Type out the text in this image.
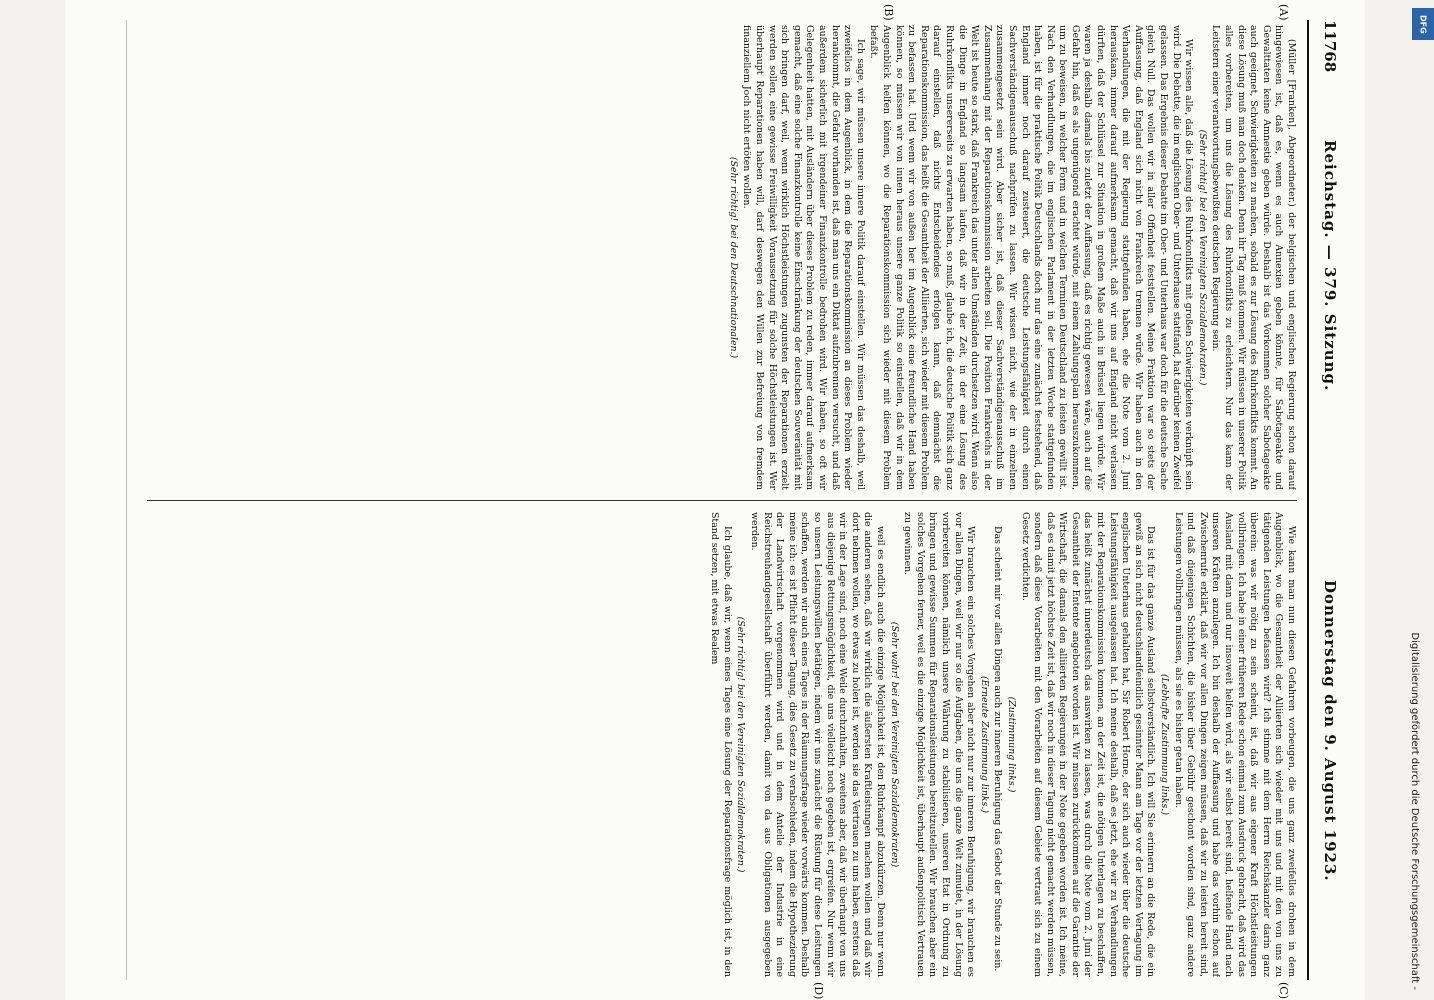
11768
Reichstag. — 379. Sitzung.
Donnerstag den 9. August 1923.
(A)
(B)
(C)
(D)

(Müller [Franken], Abgeordneter.) der belgischen und englischen Regierung schon darauf hingewiesen ist, daß es, wenn es auch Annexien geben könnte, für Sabotageakte und Gewalttaten keine Amnestie geben würde. Deshalb ist das Vorkommen solcher Sabotageakte auch geeignet, Schwierigkeiten zu machen, sobald es zur Lösung des Ruhrkonflikts kommt. An diese Lösung muß man doch denken. Denn ihr Tag muß kommen. Wir müssen in unserer Politik alles vorbereiten, um uns die Lösung des Ruhrkonflikts zu erleichtern. Nur das kann der Leitstern einer verantwortungsbewußten deutschen Regierung sein.

(Sehr richtig! bei den Vereinigten Sozialdemokraten.)

Wir wissen alle, daß die Lösung des Ruhrkonflikts mit großen Schwierigkeiten verknüpft sein wird. Die Debatte, die im englischen Ober- und Unterhause stattfand, hat darüber keinen Zweifel gelassen. Das Ergebnis dieser Debatte im Ober- und Unterhaus war doch für die deutsche Sache gleich Null. Das wollen wir in aller Offenheit feststellen. Meine Fraktion war so stets der Auffassung, daß England sich nicht von Frankreich trennen würde. Wir haben auch in den Verhandlungen, die mit der Regierung stattgefunden haben, ehe die Note vom 2. Juni herauskam, immer darauf aufmerksam gemacht, daß wir uns auf England nicht verlassen dürften, daß der Schlüssel zur Situation in großem Maße auch in Brüssel liegen würde. Wir waren ja deshalb damals bis zuletzt der Auffassung, daß es richtig gewesen wäre, auch auf die Gefahr hin, daß es als ungenügend erachtet würde, mit einem Zahlungsplan herauszukommen, um zu beweisen, in welcher Form und in welchen Terminen Deutschland zu leisten gewillt ist. Nach den Verhandlungen, die im englischen Parlament in der letzten Woche stattgefunden haben, ist für die praktische Politik Deutschlands doch nur das eine zunächst feststehend, daß England immer noch darauf zusteuert, die deutsche Leistungsfähigkeit durch einen Sachverständigenausschuß nachprüfen zu lassen. Wir wissen nicht, wie der in einzelnen zusammengesetzt sein wird. Aber sicher ist, daß dieser Sachverständigenausschuß im Zusammenhang mit der Reparationskommission arbeiten soll. Die Position Frankreichs in der Welt ist heute so stark, daß Frankreich das unter allen Umständen durchsetzen wird. Wenn also die Dinge in England so langsam laufen, daß wir in der Zeit, in der eine Lösung des Ruhrkonflikts unsererseits zu erwarten haben, so muß, glaube ich, die deutsche Politik sich ganz darauf einstellen, daß nichts Entscheidendes erfolgen kann, daß demnächst die Reparationskommission, das heißt die Gesamtheit der Alliierten, sich wieder mit diesem Problem zu befassen hat. Und wenn wir von außen her im Augenblick eine freundliche Hand haben können, so müssen wir von innen heraus unsere ganze Politik so einstellen, daß wir in dem Augenblick helfen können, wo die Reparationskommission sich wieder mit diesem Problem befaßt.

Ich sage, wir müssen unsere innere Politik darauf einstellen. Wir müssen das deshalb, weil zweifellos in dem Augenblick, in dem die Reparationskommission an dieses Problem wieder herankommt, die Gefahr vorhanden ist, daß man uns ein Diktat aufzubrennen versucht, und daß außerdem sicherlich mit irgendeiner Finanzkontrolle bedrohen wird. Wir haben, so oft wir Gelegenheit hatten, mit Ausländern über dieses Problem zu reden, immer darauf aufmerksam gemacht, daß eine solche Finanzkontrolle keine Einschränkung der deutschen Souveränität mit sich bringen darf, weil, wenn wirklich Höchstleistungen zugunsten der Reparationen erzielt werden sollen, eine gewisse Freiwilligkeit Voraussetzung für solche Höchstleistungen ist. Wer überhaupt Reparationen haben will, darf deswegen den Willen zur Befreiung von fremdem finanziellem Joch nicht ertöten wollen.

(Sehr richtig! bei den Deutschnationalen.)

Wie kann man nun diesen Gefahren vorbeugen, die uns ganz zweifellos drohen in dem Augenblick, wo die Gesamtheit der Alliierten sich wieder mit uns und mit den von uns zu tätigenden Leistungen befassen wird? Ich stimme mit dem Herrn Reichskanzler darin ganz überein: was wir nötig zu sein scheint, ist, daß wir aus eigener Kraft Höchstleistungen vollbringen. Ich habe in einer früheren Rede schon einmal zum Ausdruck gebracht, daß wird das Ausland mit dann und nur insoweit helfen wird, als wir selbst bereit sind, helfende Hand nach unseren Kräften anzulegen. Ich bin deshalb der Auffassung und habe das vorhin schon auf Zwischenrufe erklärt, daß wir vor allen Dingen zeigen müssen, daß wir zu leisten bereit sind, und daß diejenigen Schichten, die bisher über Gebühr geschont worden sind, ganz andere Leistungen vollbringen müssen, als sie es bisher getan haben.

(Lebhafte Zustimmung links.)

Das ist für das ganze Ausland selbstverständlich. Ich will Sie erinnern an die Rede, die ein gewiß an sich nicht deutschlandfeindlich gesinnter Mann am Tage vor der letzten Vertagung im englischen Unterhaus gehalten hat, Sir Robert Horne, der sich auch wieder über die deutsche Leistungsfähigkeit ausgelassen hat. Ich meine deshalb, daß es jetzt, ehe wir zu Verhandlungen mit der Reparationskommission kommen, an der Zeit ist, die nötigen Unterlagen zu beschaffen, das heißt zunächst innerdeutsch das auswirken zu lassen, was durch die Note vom 2. Juni der Gesamtheit der Entente angeboten worden ist. Wir müssen zurückkommen auf die Garantie der Wirtschaft, die damals den alliierten Regierungen in der Note gegeben worden ist. Ich meine, daß es damit jetzt höchste Zeit ist, daß wir noch in dieser Tagung nicht gemacht werden müssen, sondern daß diese Vorarbeiten mit den Vorarbeiten auf diesem Gebiete vertraut sich zu einem Gesetz verdichten.

(Zustimmung links.)

Das scheint mir vor allen Dingen auch zur inneren Beruhigung das Gebot der Stunde zu sein.

(Erneute Zustimmung links.)

Wir brauchen ein solches Vorgehen aber nicht nur zur inneren Beruhigung, wir brauchen es vor allen Dingen, weil wir nur so die Aufgaben, die uns die ganze Welt zumutet, in der Lösung vorbereiten können, nämlich unsere Währung zu stabilisieren, unseren Etat in Ordnung zu bringen und gewisse Summen für Reparationsleistungen bereitzustellen. Wir brauchen aber ein solches Vorgehen ferner, weil es die einzige Möglichkeit ist, überhaupt außenpolitisch Vertrauen zu gewinnen.

(Sehr wahr! bei den Vereinigten Sozialdemokraten)

weil es endlich auch die einzige Möglichkeit ist, den Ruhrkampf abzukürzen. Denn nur wenn die anderen sehen, daß wir wirklich die äußersten Kraftleistungen machen wollen und daß wir dort nehmen wollen, wo etwas zu holen ist, werden sie das Vertrauen zu uns haben, erstens daß wir in der Lage sind, noch eine Weile durchzuhalten, zweitens aber, daß wir überhaupt von uns aus diejenige Rettungsmöglichkeit, die uns vielleicht noch gegeben ist, ergreifen. Nur wenn wir so unsern Leistungswillen betätigen, indem wir uns zunächst die Rüstung für diese Leistungen schaffen, werden wir auch eines Tages in der Räumungsfrage wieder vorwärts kommen. Deshalb meine ich: es ist Pflicht dieser Tagung, dies Gesetz zu verabschieden, indem die Hypothezierung der Landwirtschaft vorgenommen wird und in dem Anteile der Industrie in eine Reichstreuhandgesellschaft überführt werden, damit von da aus Obligationen ausgegeben werden.

(Sehr richtig! bei den Vereinigten Sozialdemokraten.)

Ich glaube, daß wir, wenn eines Tages eine Lösung der Reparationsfrage möglich ist, in den Stand setzen, mit etwas Realem

Digitalisierung gefördert durch die Deutsche Forschungsgemeinschaft -
DFG
